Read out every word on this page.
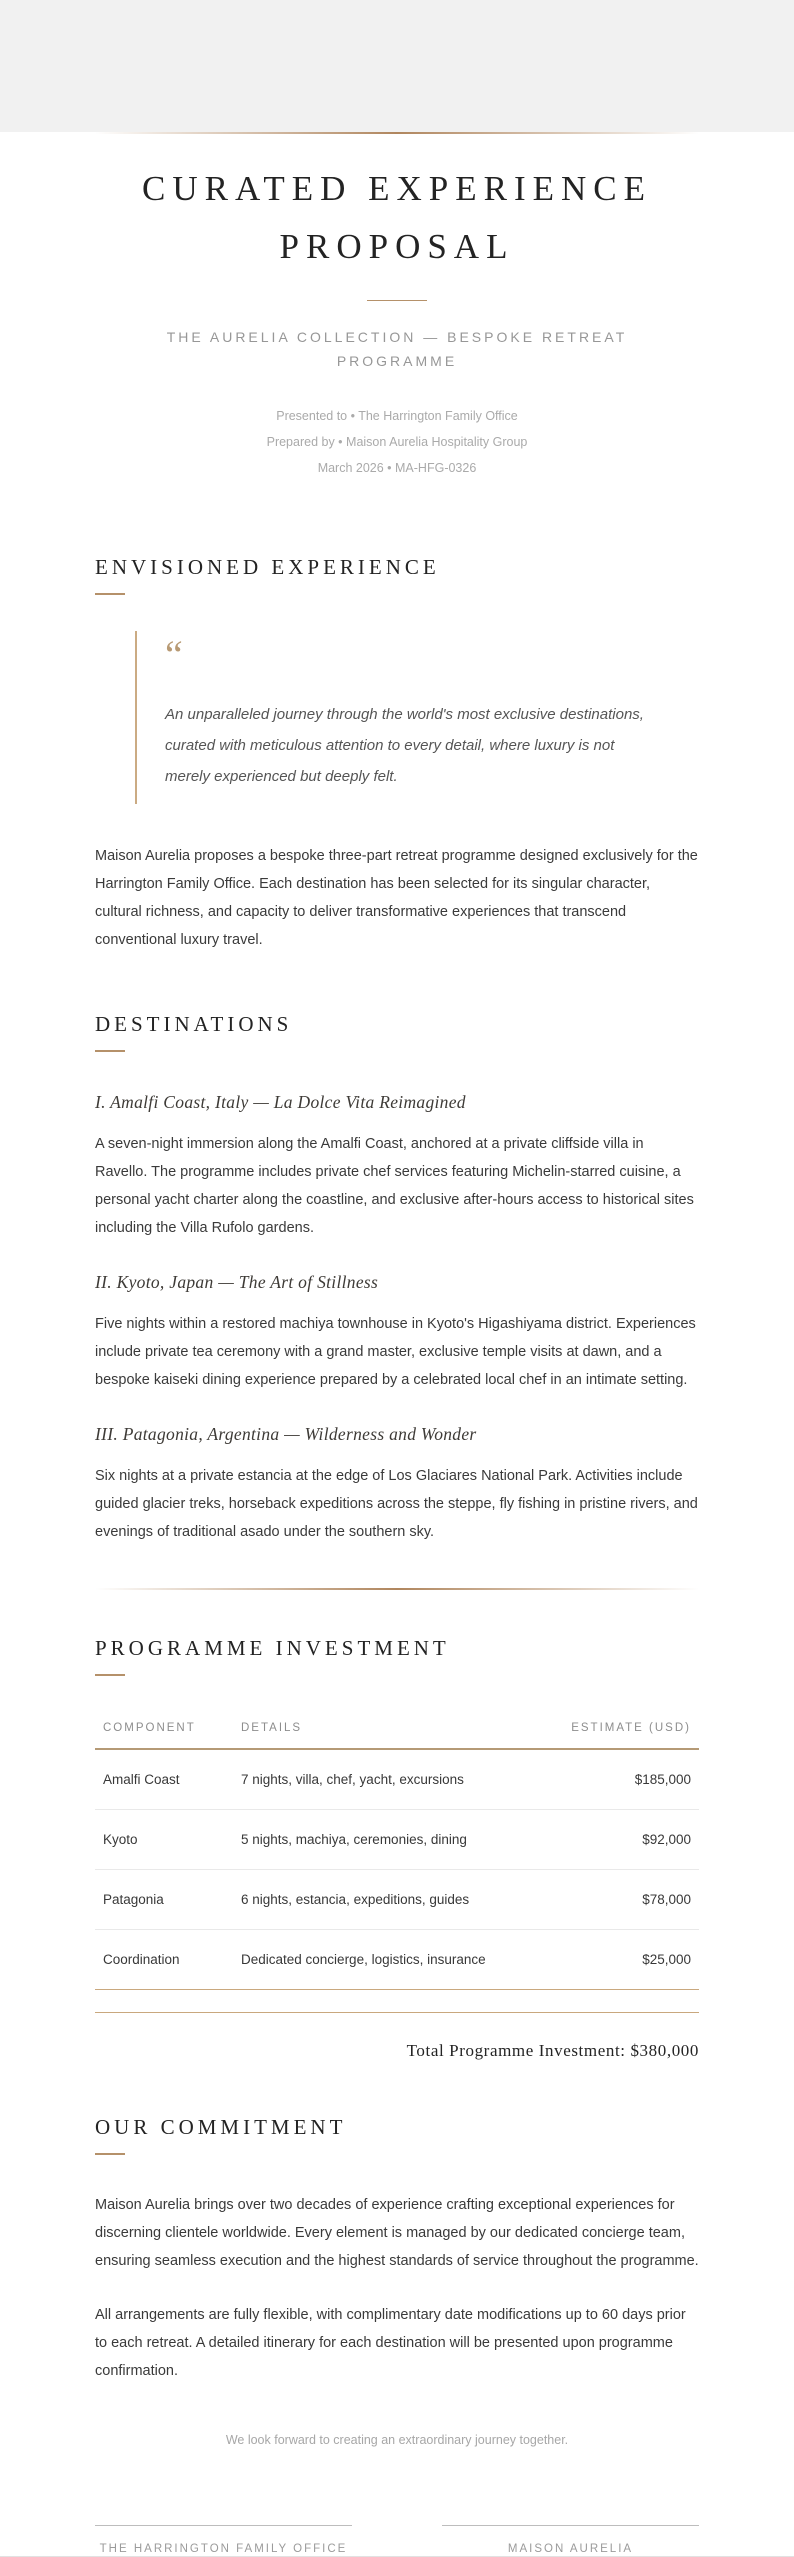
CURATED EXPERIENCE
PROPOSAL
THE AURELIA COLLECTION — BESPOKE RETREAT PROGRAMME
Presented to • The Harrington Family Office
Prepared by • Maison Aurelia Hospitality Group
March 2026 • MA-HFG-0326
ENVISIONED EXPERIENCE
“

An unparalleled journey through the world's most exclusive destinations, curated with meticulous attention to every detail, where luxury is not merely experienced but deeply felt.

Maison Aurelia proposes a bespoke three-part retreat programme designed exclusively for the Harrington Family Office. Each destination has been selected for its singular character, cultural richness, and capacity to deliver transformative experiences that transcend conventional luxury travel.

DESTINATIONS
I. Amalfi Coast, Italy — La Dolce Vita Reimagined

A seven-night immersion along the Amalfi Coast, anchored at a private cliffside villa in Ravello. The programme includes private chef services featuring Michelin-starred cuisine, a personal yacht charter along the coastline, and exclusive after-hours access to historical sites including the Villa Rufolo gardens.

II. Kyoto, Japan — The Art of Stillness

Five nights within a restored machiya townhouse in Kyoto's Higashiyama district. Experiences include private tea ceremony with a grand master, exclusive temple visits at dawn, and a bespoke kaiseki dining experience prepared by a celebrated local chef in an intimate setting.

III. Patagonia, Argentina — Wilderness and Wonder

Six nights at a private estancia at the edge of Los Glaciares National Park. Activities include guided glacier treks, horseback expeditions across the steppe, fly fishing in pristine rivers, and evenings of traditional asado under the southern sky.

PROGRAMME INVESTMENT
COMPONENT	DETAILS	ESTIMATE (USD)
Amalfi Coast	7 nights, villa, chef, yacht, excursions	$185,000
Kyoto	5 nights, machiya, ceremonies, dining	$92,000
Patagonia	6 nights, estancia, expeditions, guides	$78,000
Coordination	Dedicated concierge, logistics, insurance	$25,000
Total Programme Investment: $380,000
OUR COMMITMENT

Maison Aurelia brings over two decades of experience crafting exceptional experiences for discerning clientele worldwide. Every element is managed by our dedicated concierge team, ensuring seamless execution and the highest standards of service throughout the programme.

All arrangements are fully flexible, with complimentary date modifications up to 60 days prior to each retreat. A detailed itinerary for each destination will be presented upon programme confirmation.

We look forward to creating an extraordinary journey together.
THE HARRINGTON FAMILY OFFICE	MAISON AURELIA
